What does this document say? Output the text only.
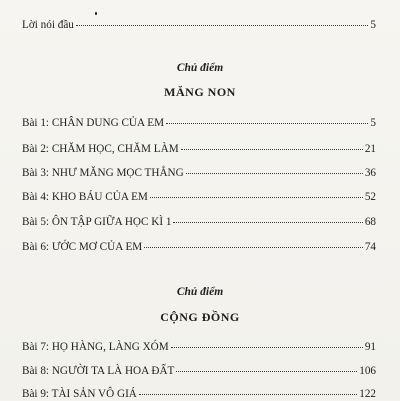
Lời nói đầu	5
Chủ điểm
MĂNG NON
Bài 1: CHÂN DUNG CỦA EM	5
Bài 2: CHĂM HỌC, CHĂM LÀM	21
Bài 3: NHƯ MĂNG MỌC THẲNG	36
Bài 4: KHO BÁU CỦA EM	52
Bài 5: ÔN TẬP GIỮA HỌC KÌ 1	68
Bài 6: ƯỚC MƠ CỦA EM	74
Chủ điểm
CỘNG ĐỒNG
Bài 7: HỌ HÀNG, LÀNG XÓM	91
Bài 8: NGƯỜI TA LÀ HOA ĐẤT	106
Bài 9: TÀI SẢN VÔ GIÁ	122
